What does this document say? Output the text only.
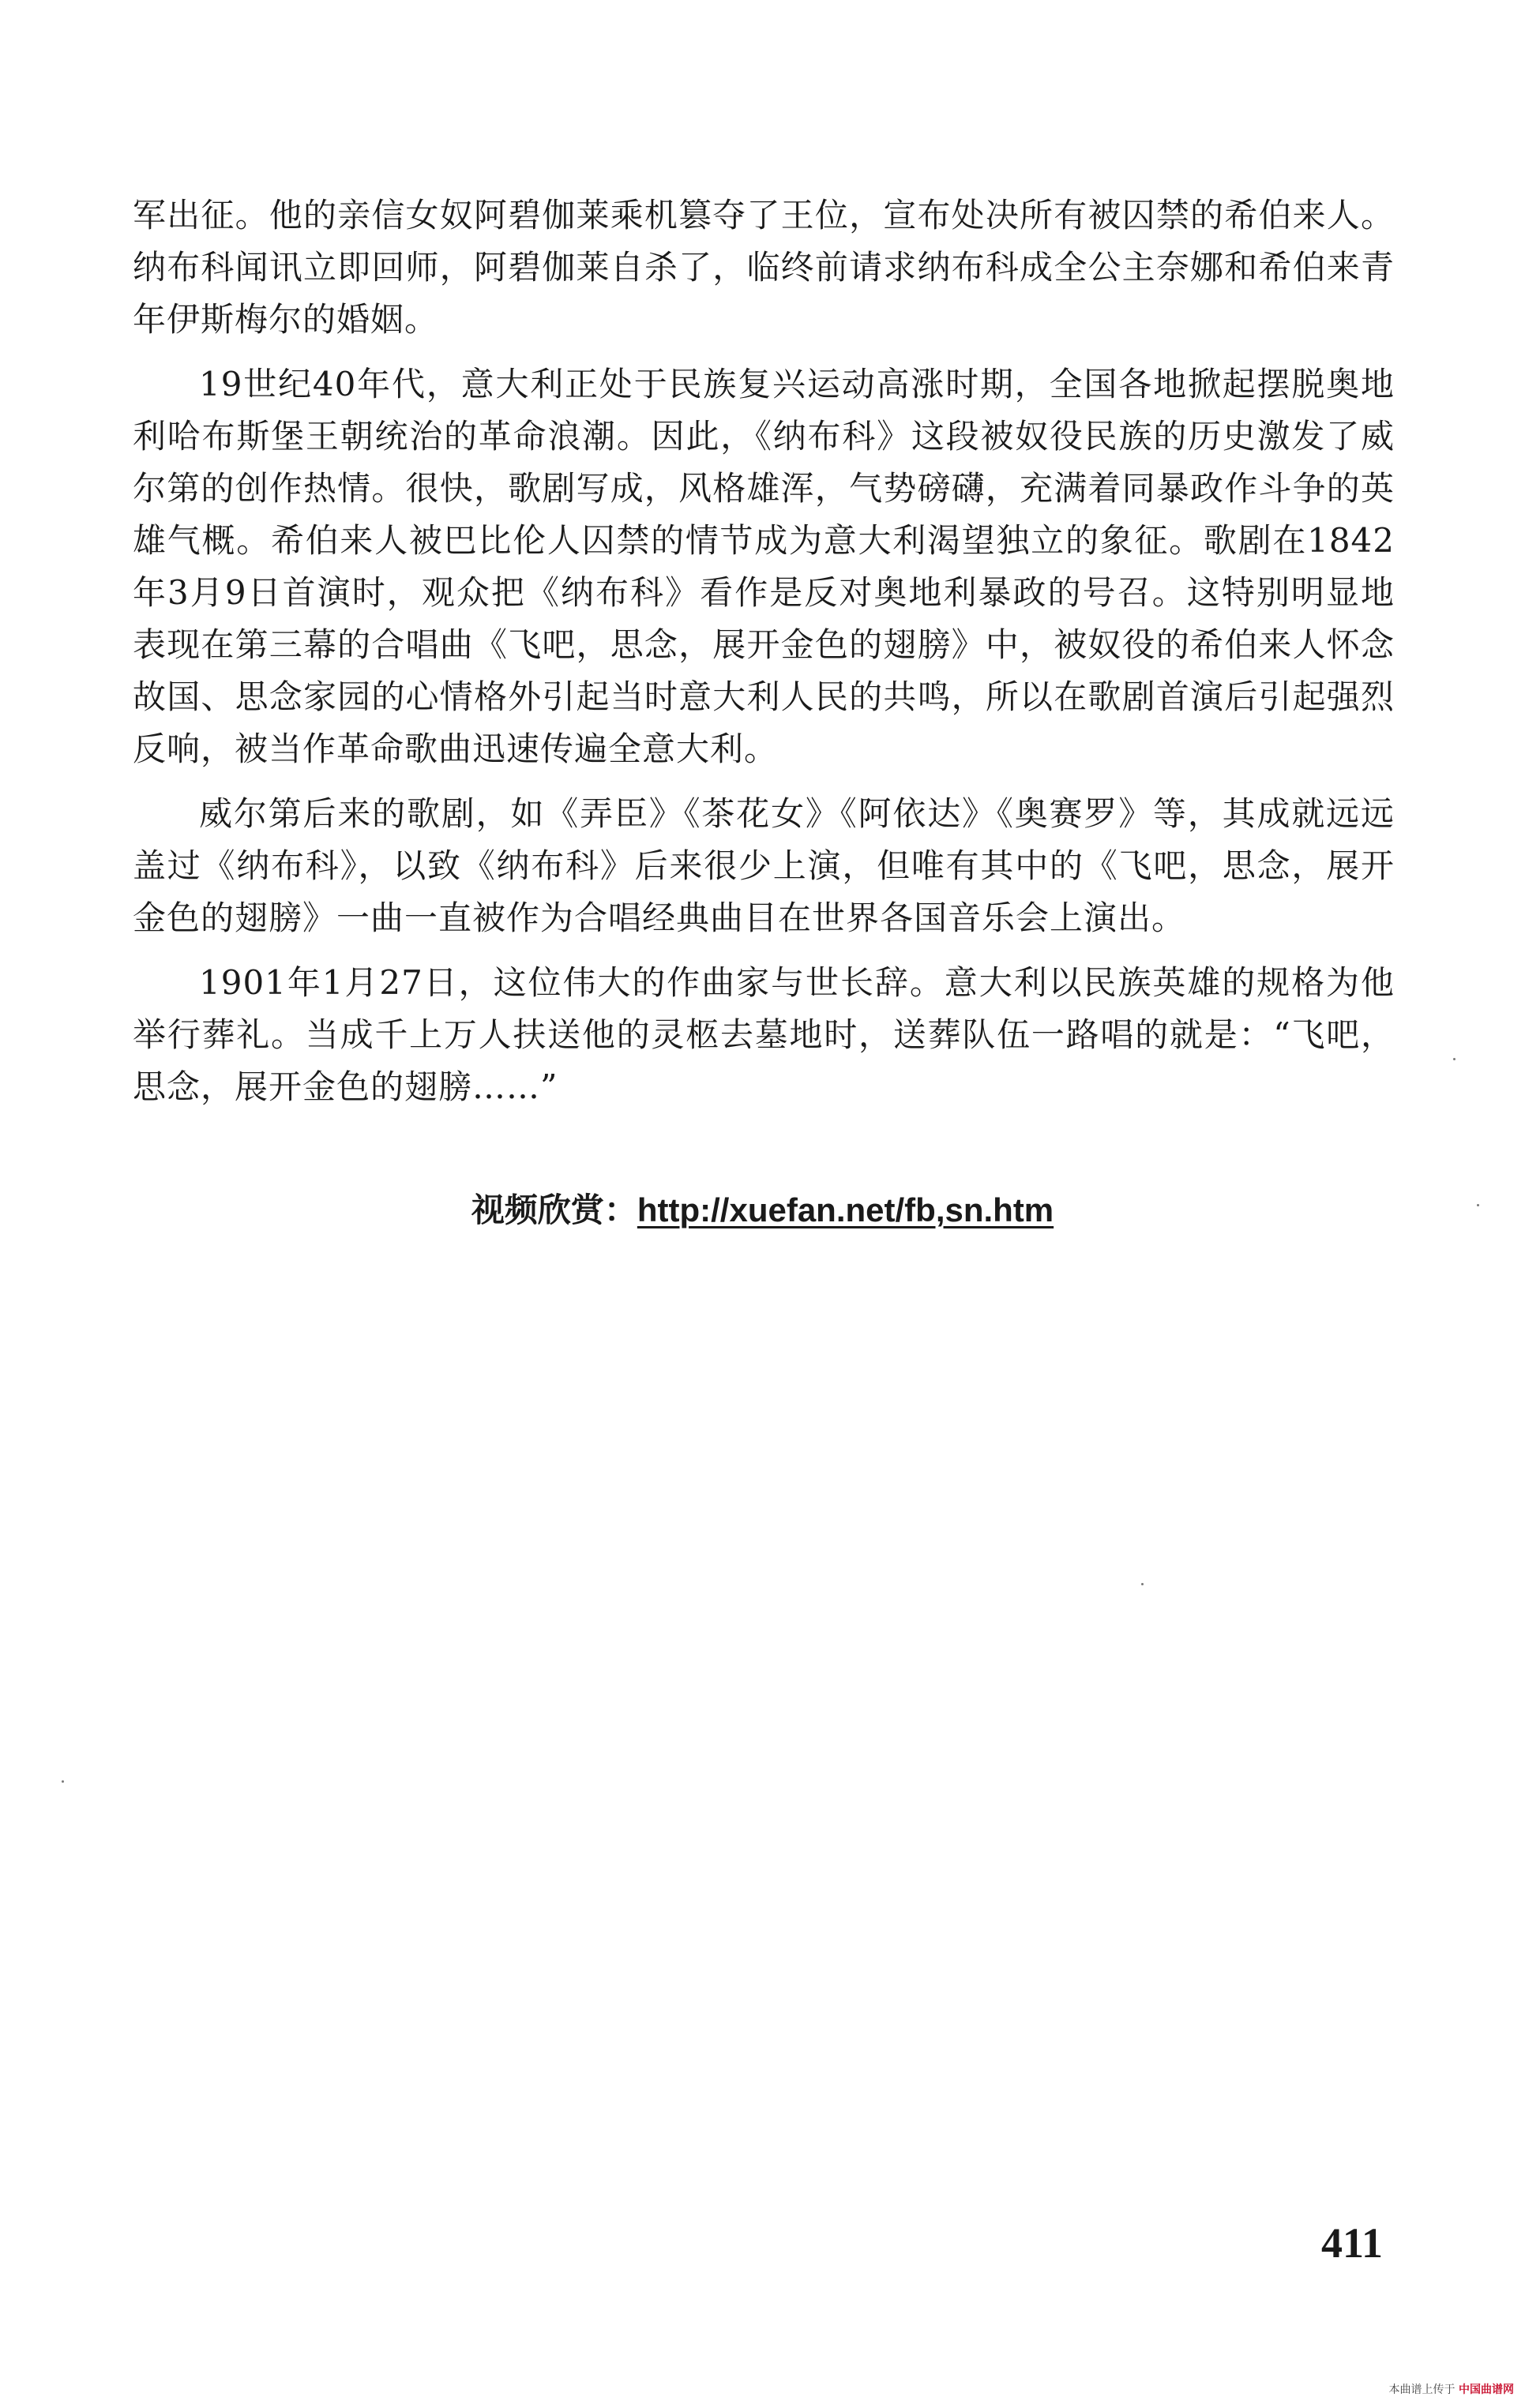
军出征。他的亲信女奴阿碧伽莱乘机篡夺了王位，宣布处决所有被囚禁的希伯来人。纳布科闻讯立即回师，阿碧伽莱自杀了，临终前请求纳布科成全公主奈娜和希伯来青年伊斯梅尔的婚姻。

19世纪40年代，意大利正处于民族复兴运动高涨时期，全国各地掀起摆脱奥地利哈布斯堡王朝统治的革命浪潮。因此，《纳布科》这段被奴役民族的历史激发了威尔第的创作热情。很快，歌剧写成，风格雄浑，气势磅礴，充满着同暴政作斗争的英雄气概。希伯来人被巴比伦人囚禁的情节成为意大利渴望独立的象征。歌剧在1842年3月9日首演时，观众把《纳布科》看作是反对奥地利暴政的号召。这特别明显地表现在第三幕的合唱曲《飞吧，思念，展开金色的翅膀》中，被奴役的希伯来人怀念故国、思念家园的心情格外引起当时意大利人民的共鸣，所以在歌剧首演后引起强烈反响，被当作革命歌曲迅速传遍全意大利。

威尔第后来的歌剧，如《弄臣》《茶花女》《阿依达》《奥赛罗》等，其成就远远盖过《纳布科》，以致《纳布科》后来很少上演，但唯有其中的《飞吧，思念，展开金色的翅膀》一曲一直被作为合唱经典曲目在世界各国音乐会上演出。

1901年1月27日，这位伟大的作曲家与世长辞。意大利以民族英雄的规格为他举行葬礼。当成千上万人扶送他的灵柩去墓地时，送葬队伍一路唱的就是：“飞吧，思念，展开金色的翅膀……”

视频欣赏：http://xuefan.net/fb,sn.htm
411
本曲谱上传于 中国曲谱网
